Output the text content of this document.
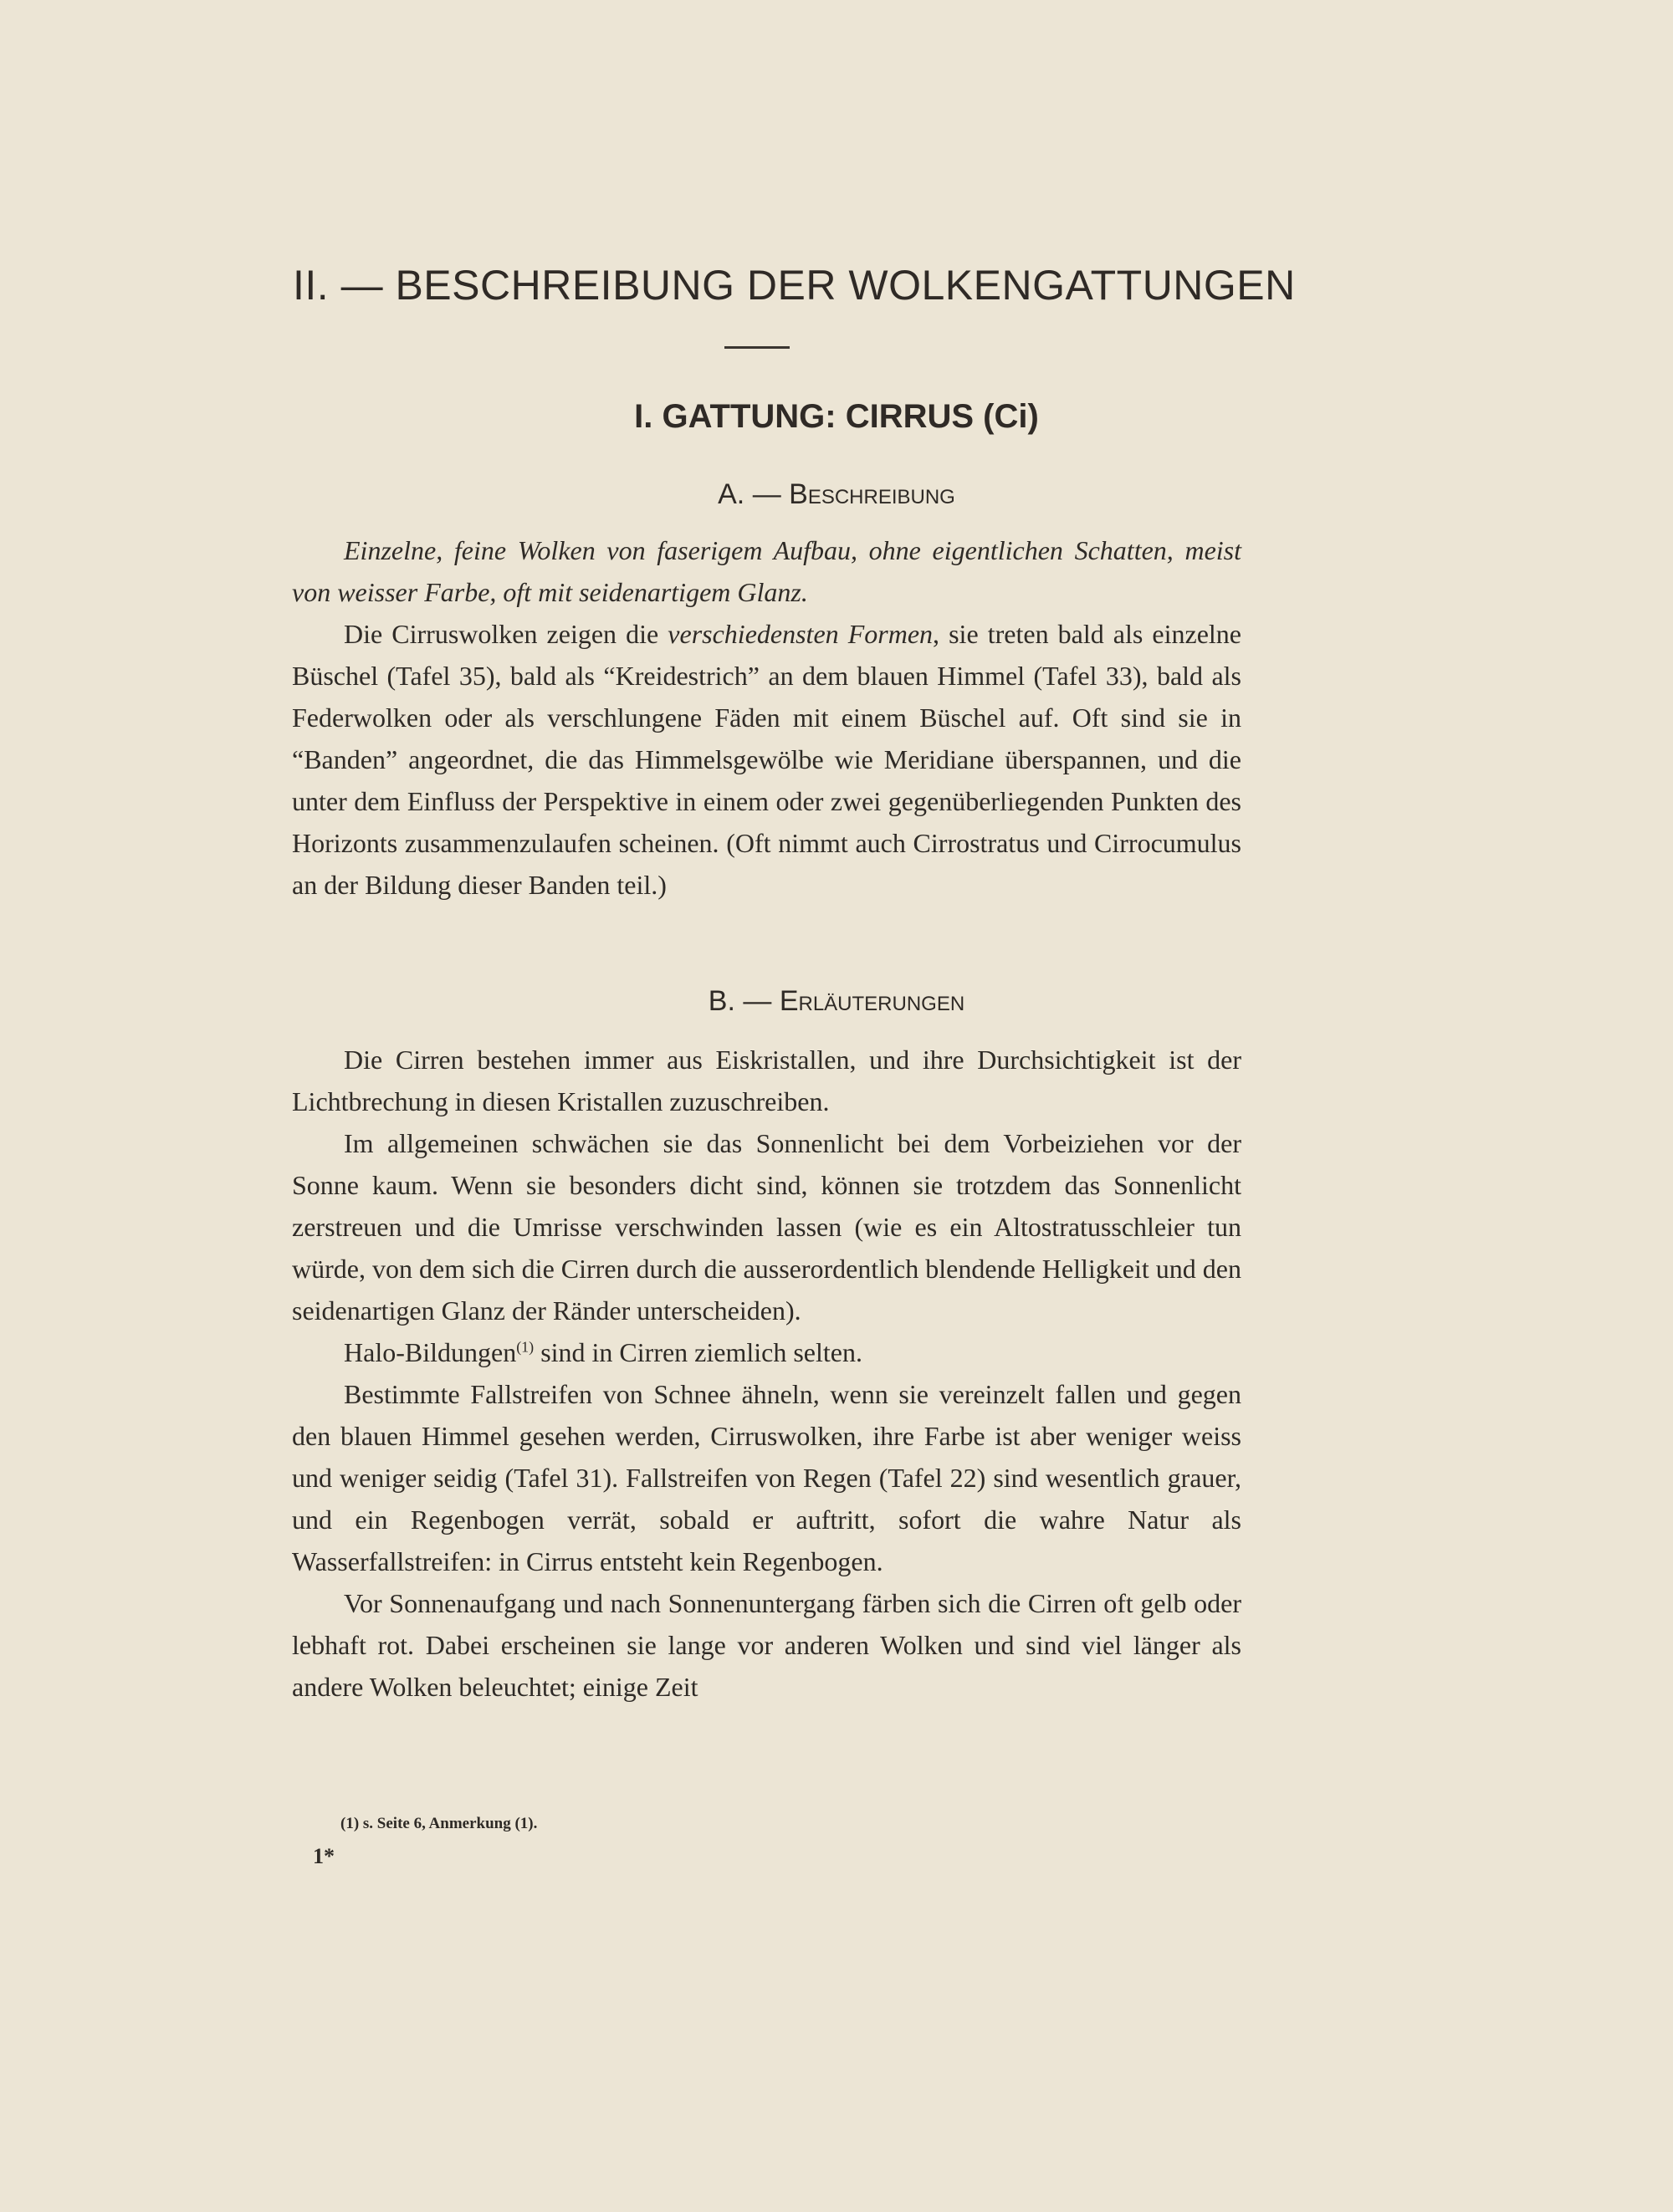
II. — BESCHREIBUNG DER WOLKENGATTUNGEN
I. GATTUNG: CIRRUS (Ci)
A. — Beschreibung

Einzelne, feine Wolken von faserigem Aufbau, ohne eigentlichen Schatten, meist von weisser Farbe, oft mit seidenartigem Glanz.

Die Cirruswolken zeigen die verschiedensten Formen, sie treten bald als einzelne Büschel (Tafel 35), bald als “Kreidestrich” an dem blauen Himmel (Tafel 33), bald als Federwolken oder als verschlungene Fäden mit einem Büschel auf. Oft sind sie in “Banden” angeordnet, die das Himmelsgewölbe wie Meridiane überspannen, und die unter dem Einfluss der Perspektive in einem oder zwei gegenüberliegenden Punkten des Horizonts zusammenzulaufen scheinen. (Oft nimmt auch Cirrostratus und Cirrocumulus an der Bildung dieser Banden teil.)

B. — Erläuterungen

Die Cirren bestehen immer aus Eiskristallen, und ihre Durchsichtigkeit ist der Lichtbrechung in diesen Kristallen zuzuschreiben.

Im allgemeinen schwächen sie das Sonnenlicht bei dem Vorbeiziehen vor der Sonne kaum. Wenn sie besonders dicht sind, können sie trotzdem das Sonnenlicht zerstreuen und die Umrisse verschwinden lassen (wie es ein Altostratusschleier tun würde, von dem sich die Cirren durch die ausserordentlich blendende Helligkeit und den seidenartigen Glanz der Ränder unterscheiden).

Halo-Bildungen$^{(1)}$ sind in Cirren ziemlich selten.

Bestimmte Fallstreifen von Schnee ähneln, wenn sie vereinzelt fallen und gegen den blauen Himmel gesehen werden, Cirruswolken, ihre Farbe ist aber weniger weiss und weniger seidig (Tafel 31). Fallstreifen von Regen (Tafel 22) sind wesentlich grauer, und ein Regenbogen verrät, sobald er auftritt, sofort die wahre Natur als Wasserfallstreifen: in Cirrus entsteht kein Regenbogen.

Vor Sonnenaufgang und nach Sonnenuntergang färben sich die Cirren oft gelb oder lebhaft rot. Dabei erscheinen sie lange vor anderen Wolken und sind viel länger als andere Wolken beleuchtet; einige Zeit

(1) s. Seite 6, Anmerkung (1).

1*
